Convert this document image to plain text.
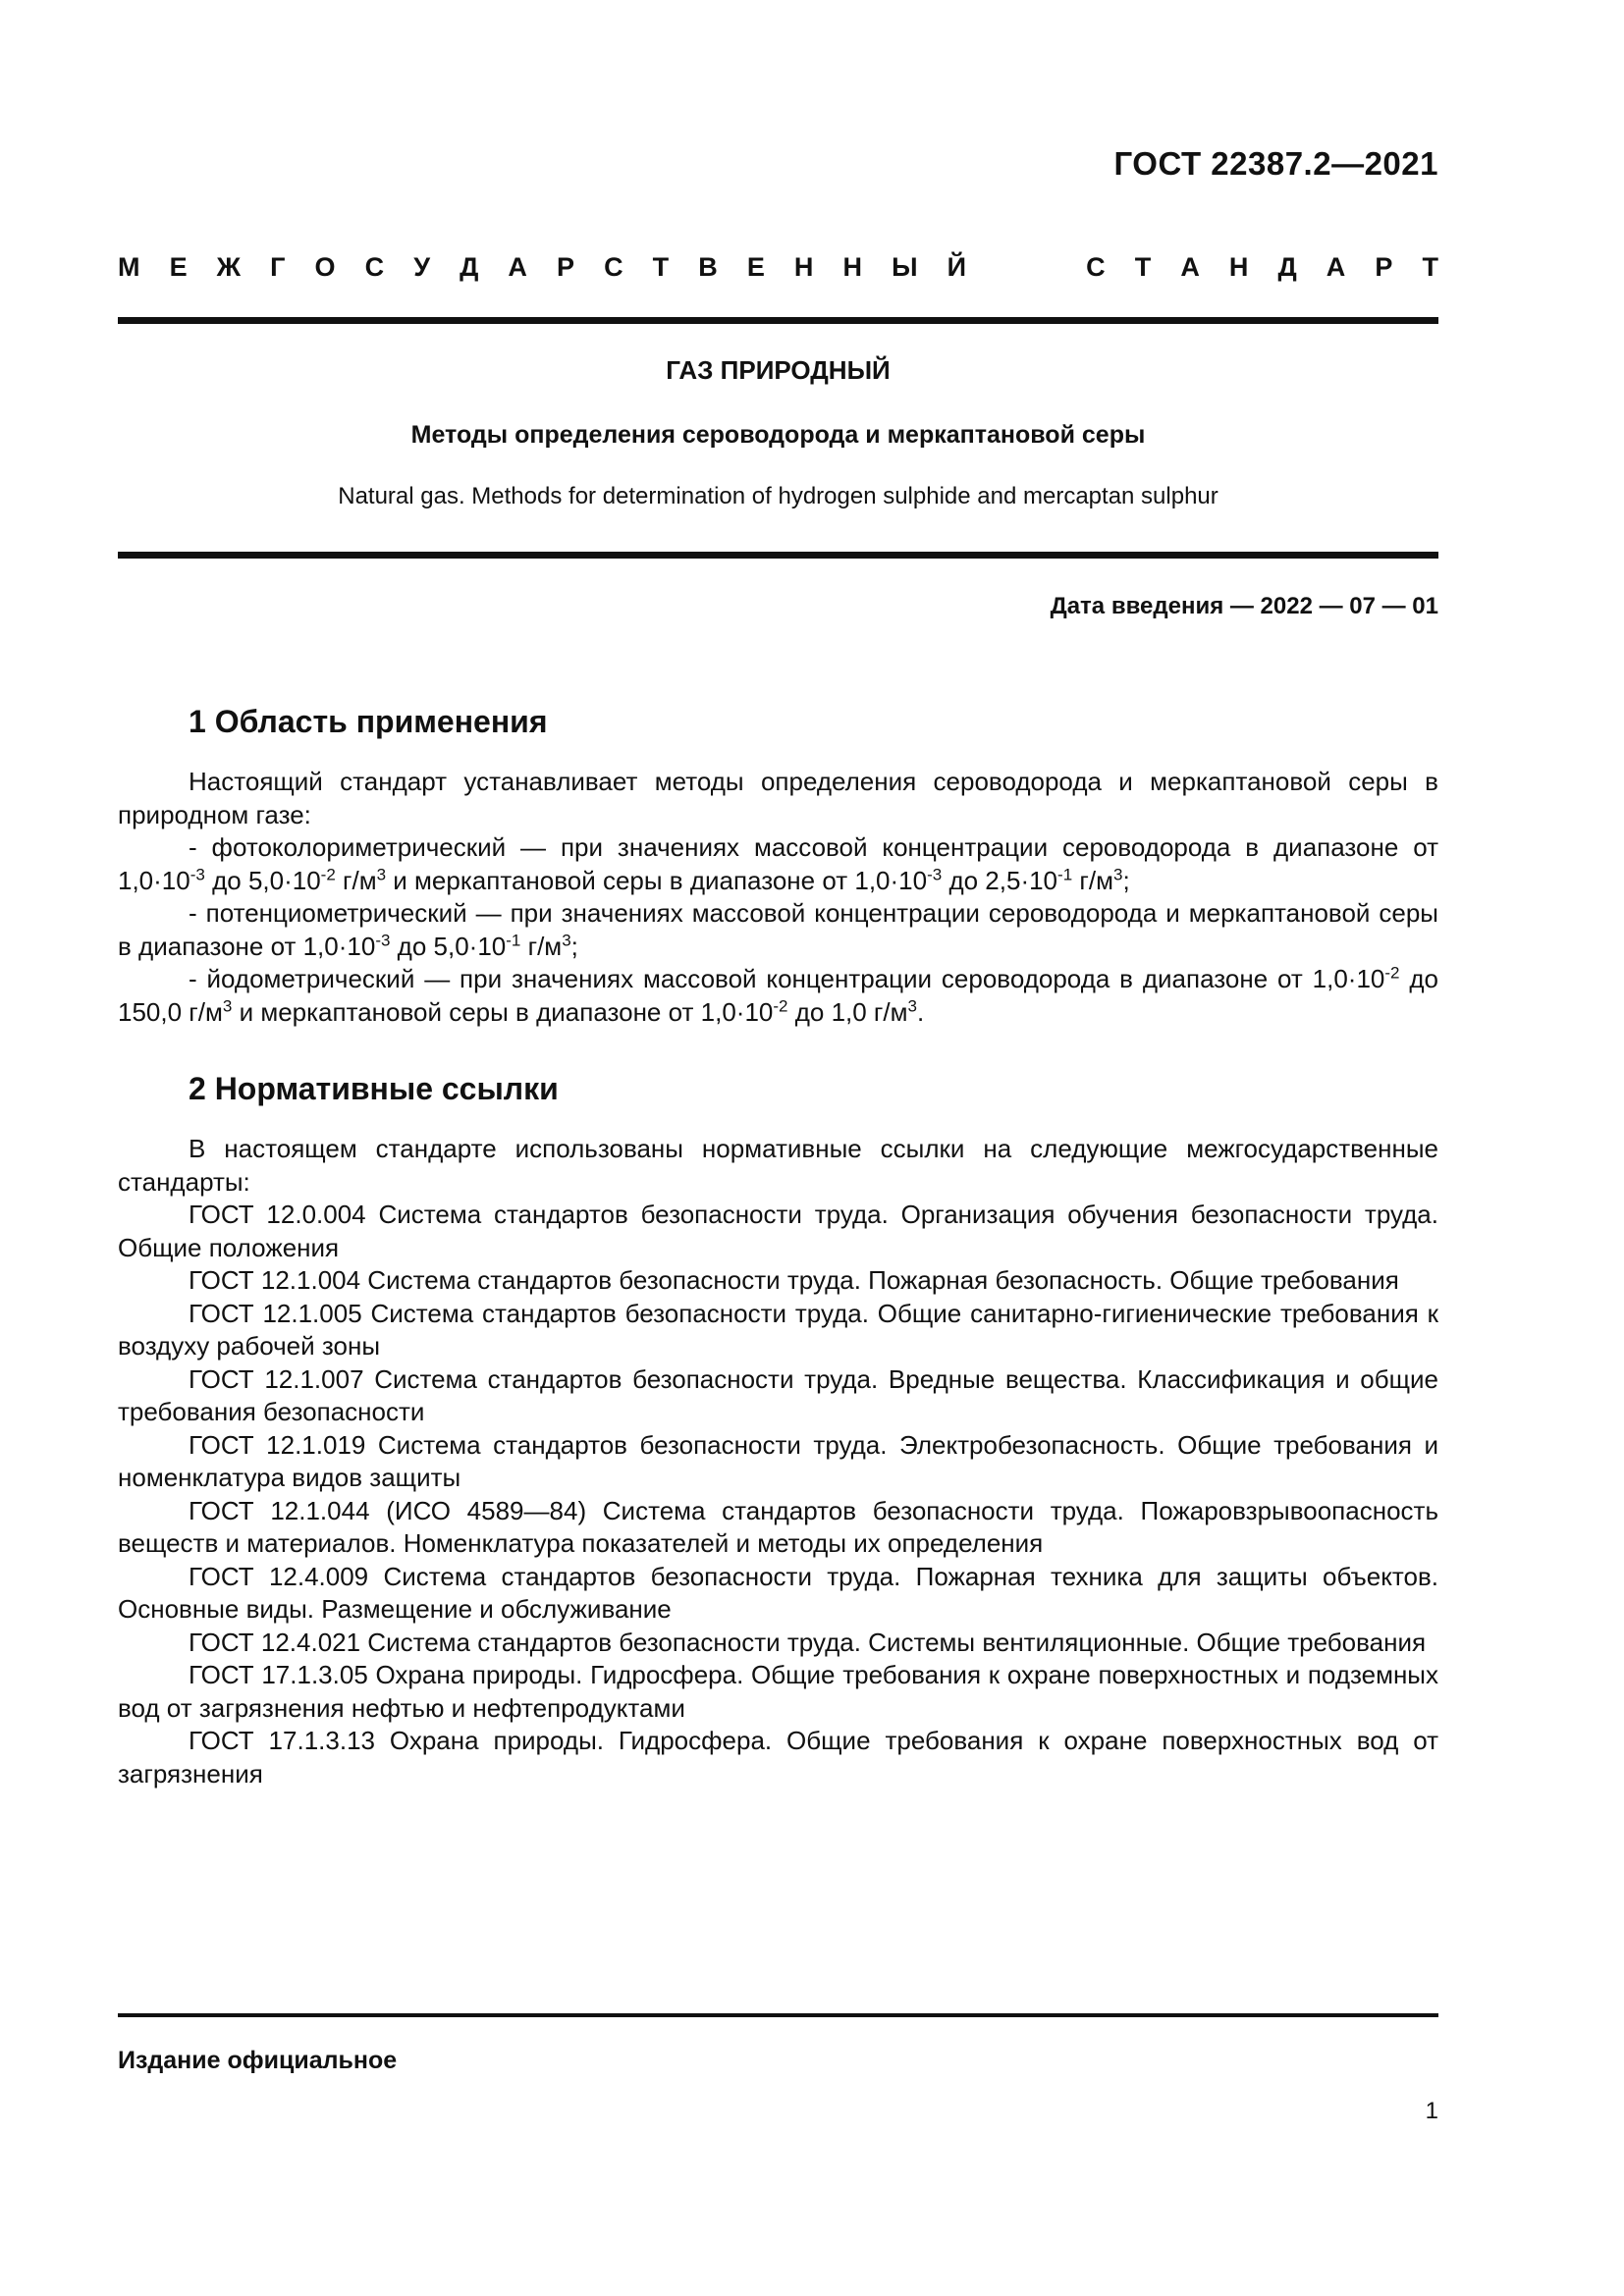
ГОСТ 22387.2—2021
М Е Ж Г О С У Д А Р С Т В Е Н Н Ы Й	С Т А Н Д А Р Т
ГАЗ ПРИРОДНЫЙ
Методы определения сероводорода и меркаптановой серы
Natural gas. Methods for determination of hydrogen sulphide and mercaptan sulphur
Дата введения — 2022 — 07 — 01
1 Область применения

Настоящий стандарт устанавливает методы определения сероводорода и меркаптановой серы в природном газе:

- фотоколориметрический — при значениях массовой концентрации сероводорода в диапазоне от $1,0\cdot 10^{-3}$ до $5,0\cdot 10^{-2}$ $г/м^3$ и меркаптановой серы в диапазоне от $1,0\cdot 10^{-3}$ до $2,5\cdot 10^{-1}$ $г/м^3$;

- потенциометрический — при значениях массовой концентрации сероводорода и меркаптановой серы в диапазоне от $1,0\cdot 10^{-3}$ до $5,0\cdot 10^{-1}$ $г/м^3$;

- йодометрический — при значениях массовой концентрации сероводорода в диапазоне от $1,0\cdot 10^{-2}$ до 150,0 $г/м^3$ и меркаптановой серы в диапазоне от $1,0\cdot 10^{-2}$ до 1,0 $г/м^3$.

2 Нормативные ссылки

В настоящем стандарте использованы нормативные ссылки на следующие межгосударственные стандарты:

ГОСТ 12.0.004 Система стандартов безопасности труда. Организация обучения безопасности труда. Общие положения

ГОСТ 12.1.004 Система стандартов безопасности труда. Пожарная безопасность. Общие требования

ГОСТ 12.1.005 Система стандартов безопасности труда. Общие санитарно-гигиенические требования к воздуху рабочей зоны

ГОСТ 12.1.007 Система стандартов безопасности труда. Вредные вещества. Классификация и общие требования безопасности

ГОСТ 12.1.019 Система стандартов безопасности труда. Электробезопасность. Общие требования и номенклатура видов защиты

ГОСТ 12.1.044 (ИСО 4589—84) Система стандартов безопасности труда. Пожаровзрывоопасность веществ и материалов. Номенклатура показателей и методы их определения

ГОСТ 12.4.009 Система стандартов безопасности труда. Пожарная техника для защиты объектов. Основные виды. Размещение и обслуживание

ГОСТ 12.4.021 Система стандартов безопасности труда. Системы вентиляционные. Общие требования

ГОСТ 17.1.3.05 Охрана природы. Гидросфера. Общие требования к охране поверхностных и подземных вод от загрязнения нефтью и нефтепродуктами

ГОСТ 17.1.3.13 Охрана природы. Гидросфера. Общие требования к охране поверхностных вод от загрязнения

Издание официальное
1
